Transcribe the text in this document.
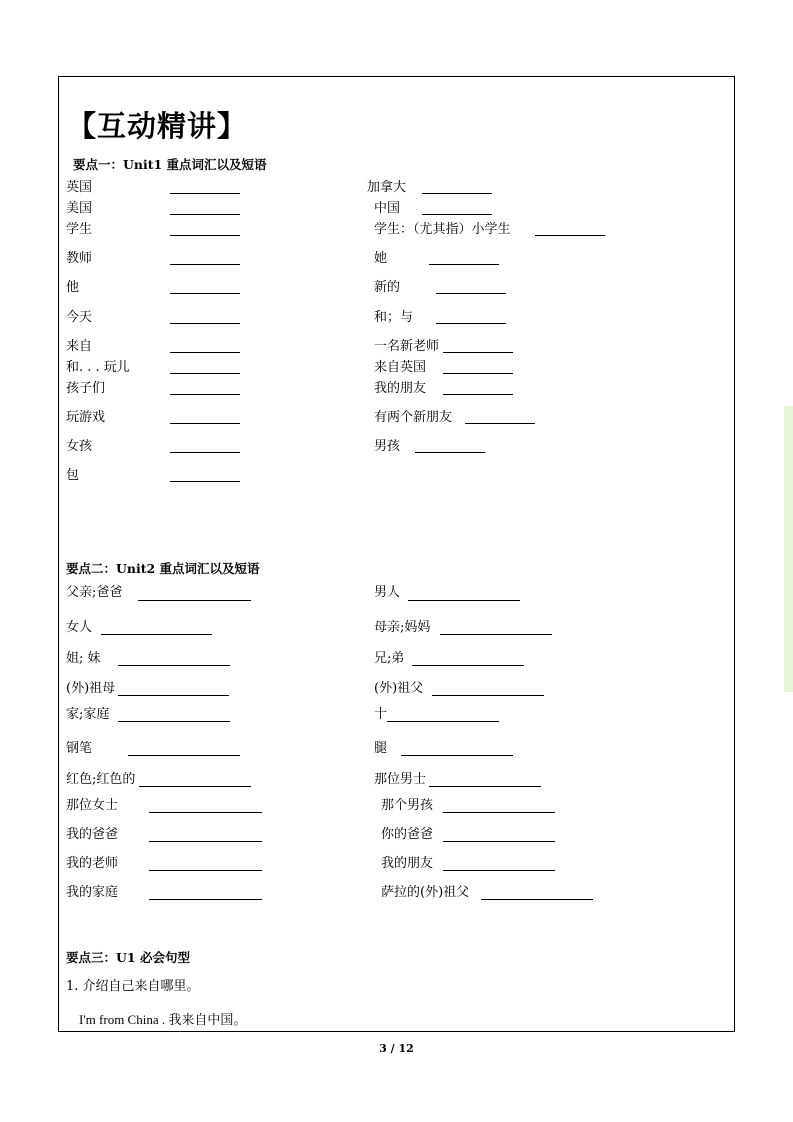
【互动精讲】
要点一：Unit1 重点词汇以及短语
英国
美国
学生
教师
他
今天
来自
和. . . 玩儿
孩子们
玩游戏
女孩
包
加拿大
中国
学生：（尤其指）小学生
她
新的
和；与
一名新老师
来自英国
我的朋友
有两个新朋友
男孩
要点二：Unit2 重点词汇以及短语
父亲;爸爸
女人
姐; 妹
(外)祖母
家;家庭
钢笔
红色;红色的
那位女士
我的爸爸
我的老师
我的家庭
男人
母亲;妈妈
兄;弟
(外)祖父
十
腿
那位男士
那个男孩
你的爸爸
我的朋友
萨拉的(外)祖父
要点三：U1 必会句型
1. 介绍自己来自哪里。
I'm from China . 我来自中国。
3 / 12
